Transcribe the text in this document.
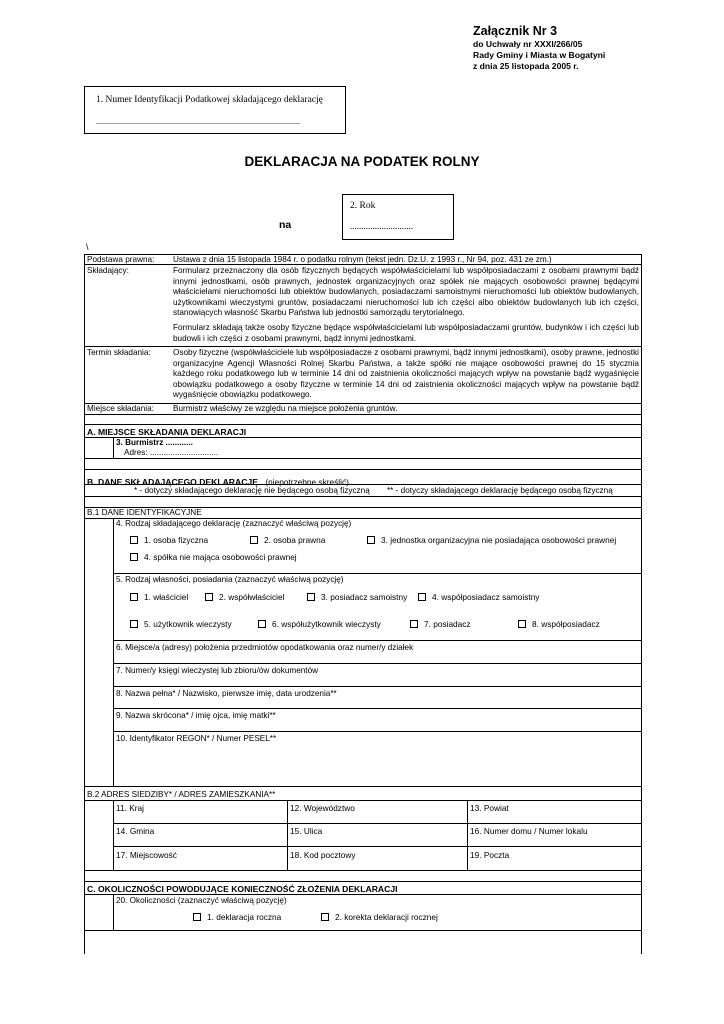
Załącznik Nr 3
do Uchwały nr XXXI/266/05
Rady Gminy i Miasta w Bogatyni
z dnia 25 listopada 2005 r.
1. Numer Identyfikacji Podatkowej składającego deklarację
......................................................................................................
DEKLARACJA NA PODATEK ROLNY
na
2. Rok
............................
\
Podstawa prawna: Ustawa z dnia 15 listopada 1984 r. o podatku rolnym (tekst jedn. Dz.U. z 1993 r., Nr 94, poz. 431 ze zm.)
Składający:	Formularz przeznaczony dla osób fizycznych będących współwłaścicielami lub współposiadaczami z osobami prawnymi bądź innymi jednostkami, osób prawnych, jednostek organizacyjnych oraz spółek nie mających osobowości prawnej będącymi właścicielami nieruchomości lub obiektów budowlanych, posiadaczami samoistnymi nieruchomości lub obiektów budowlanych, użytkownikami wieczystymi gruntów, posiadaczami nieruchomości lub ich części albo obiektów budowlanych lub ich części, stanowiących własność Skarbu Państwa lub jednostki samorządu terytorialnego.
Formularz składają także osoby fizyczne będące współwłaścicielami lub współposiadaczami gruntów, budynków i ich części lub budowli i ich części z osobami prawnymi, bądź innymi jednostkami.
Termin składania:	Osoby fizyczne (współwłaściciele lub współposiadacze z osobami prawnymi, bądź innymi jednostkami), osoby prawne, jednostki organizacyjne Agencji Własności Rolnej Skarbu Państwa, a także spółki nie mające osobowości prawnej do 15 stycznia każdego roku podatkowego lub w terminie 14 dni od zaistnienia okoliczności mających wpływ na powstanie bądź wygaśnięcie obowiązku podatkowego a osoby fizyczne w terminie 14 dni od zaistnienia okoliczności mających wpływ na powstanie bądź wygaśnięcie obowiązku podatkowego.
Miejsce składania: Burmistrz właściwy ze względu na miejsce położenia gruntów.
A. MIEJSCE SKŁADANIA DEKLARACJI
3. Burmistrz ............
Adres: ..............................
B. DANE SKŁADAJĄCEGO DEKLARACJĘ (niepotrzebne skreślić)
* - dotyczy składającego deklarację nie będącego osobą fizyczną ** - dotyczy składającego deklarację będącego osobą fizyczną
B.1 DANE IDENTYFIKACYJNE
4. Rodzaj składającego deklarację (zaznaczyć właściwą pozycję)
1. osoba fizyczna	2. osoba prawna	3. jednostka organizacyjna nie posiadająca osobowości prawnej
4. spółka nie mająca osobowości prawnej
5. Rodzaj własności, posiadania (zaznaczyć właściwą pozycję)
1. właściciel	2. współwłaściciel	3. posiadacz samoistny	4. współposiadacz samoistny
5. użytkownik wieczysty	6. współużytkownik wieczysty	7. posiadacz	8. współposiadacz
6. Miejsce/a (adresy) położenia przedmiotów opodatkowania oraz numer/y działek
7. Numer/y księgi wieczystej lub zbioru/ów dokumentów
8. Nazwa pełna* / Nazwisko, pierwsze imię, data urodzenia**
9. Nazwa skrócona* / imię ojca, imię matki**
10. Identyfikator REGON* / Numer PESEL**
B.2 ADRES SIEDZIBY* / ADRES ZAMIESZKANIA**
11. Kraj	12. Województwo	13. Powiat
14. Gmina	15. Ulica	16. Numer domu / Numer lokalu
17. Miejscowość	18. Kod pocztowy	19. Poczta
C. OKOLICZNOŚCI POWODUJĄCE KONIECZNOŚĆ ZŁOŻENIA DEKLARACJI
20. Okoliczności (zaznaczyć właściwą pozycję)
1. deklaracja roczna	2. korekta deklaracji rocznej
